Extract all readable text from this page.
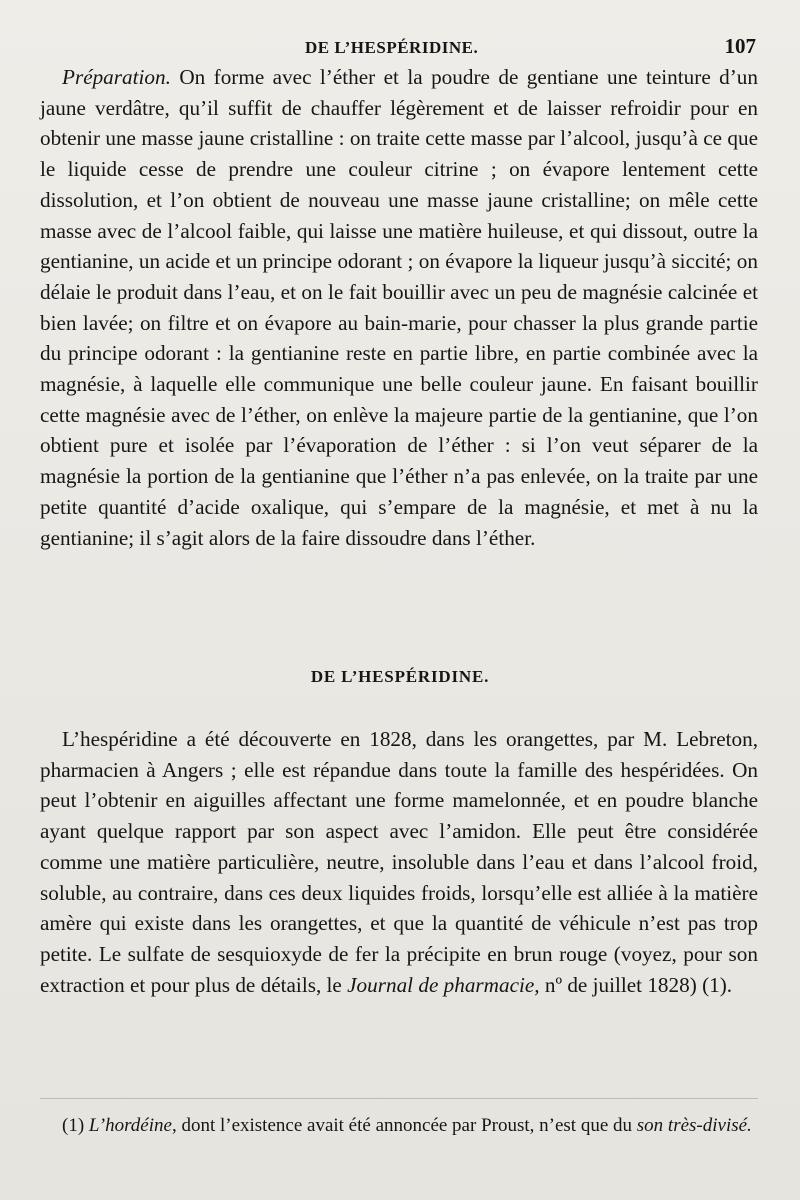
DE L’HESPÉRIDINE.	107

Préparation. On forme avec l’éther et la poudre de gentiane une teinture d’un jaune verdâtre, qu’il suffit de chauffer légèrement et de laisser refroidir pour en obtenir une masse jaune cristalline : on traite cette masse par l’alcool, jusqu’à ce que le liquide cesse de prendre une couleur citrine ; on évapore lentement cette dissolution, et l’on obtient de nouveau une masse jaune cristalline; on mêle cette masse avec de l’alcool faible, qui laisse une matière huileuse, et qui dissout, outre la gentianine, un acide et un principe odorant ; on évapore la liqueur jusqu’à siccité; on délaie le produit dans l’eau, et on le fait bouillir avec un peu de magnésie calcinée et bien lavée; on filtre et on évapore au bain-marie, pour chasser la plus grande partie du principe odorant : la gentianine reste en partie libre, en partie combinée avec la magnésie, à laquelle elle communique une belle couleur jaune. En faisant bouillir cette magnésie avec de l’éther, on enlève la majeure partie de la gentianine, que l’on obtient pure et isolée par l’évaporation de l’éther : si l’on veut séparer de la magnésie la portion de la gentianine que l’éther n’a pas enlevée, on la traite par une petite quantité d’acide oxalique, qui s’empare de la magnésie, et met à nu la gentianine; il s’agit alors de la faire dissoudre dans l’éther.

DE L’HESPÉRIDINE.

L’hespéridine a été découverte en 1828, dans les orangettes, par M. Lebreton, pharmacien à Angers ; elle est répandue dans toute la famille des hespéridées. On peut l’obtenir en aiguilles affectant une forme mamelonnée, et en poudre blanche ayant quelque rapport par son aspect avec l’amidon. Elle peut être considérée comme une matière particulière, neutre, insoluble dans l’eau et dans l’alcool froid, soluble, au contraire, dans ces deux liquides froids, lorsqu’elle est alliée à la matière amère qui existe dans les orangettes, et que la quantité de véhicule n’est pas trop petite. Le sulfate de sesquioxyde de fer la précipite en brun rouge (voyez, pour son extraction et pour plus de détails, le Journal de pharmacie, nº de juillet 1828) (1).

(1) L’hordéine, dont l’existence avait été annoncée par Proust, n’est que du son très-divisé.
